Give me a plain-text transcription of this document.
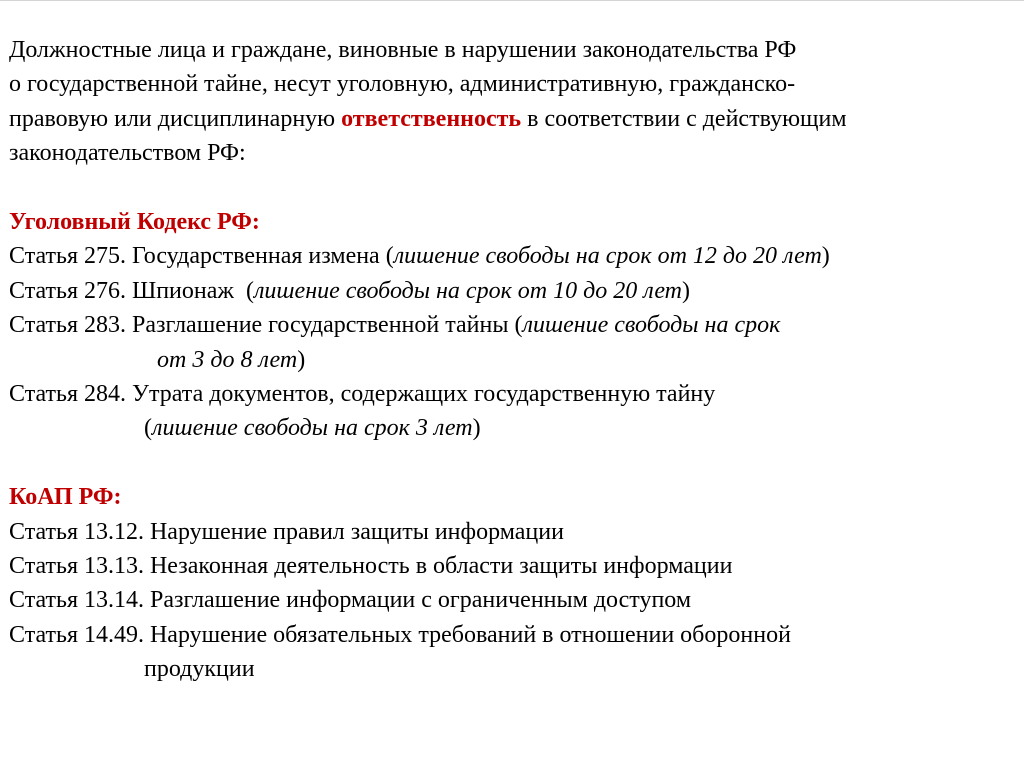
Должностные лица и граждане, виновные в нарушении законодательства РФ
о государственной тайне, несут уголовную, административную, гражданско-
правовую или дисциплинарную ответственность в соответствии с действующим
законодательством РФ:
Уголовный Кодекс РФ:
Статья 275. Государственная измена (лишение свободы на срок от 12 до 20 лет)
Статья 276. Шпионаж  (лишение свободы на срок от 10 до 20 лет)
Статья 283. Разглашение государственной тайны (лишение свободы на срок
от 3 до 8 лет)
Статья 284. Утрата документов, содержащих государственную тайну
(лишение свободы на срок 3 лет)
КоАП РФ:
Статья 13.12. Нарушение правил защиты информации
Статья 13.13. Незаконная деятельность в области защиты информации
Статья 13.14. Разглашение информации с ограниченным доступом
Статья 14.49. Нарушение обязательных требований в отношении оборонной
продукции
